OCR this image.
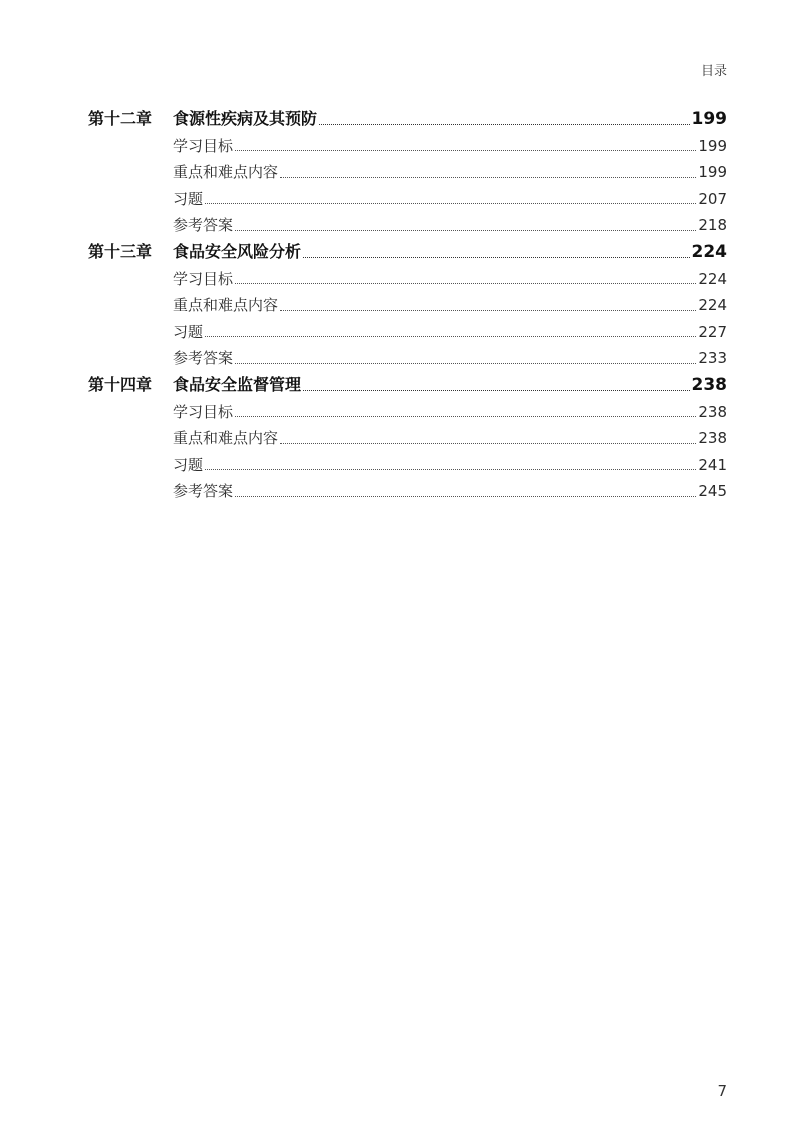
目录
第十二章	食源性疾病及其预防	199
学习目标	199
重点和难点内容	199
习题	207
参考答案	218
第十三章	食品安全风险分析	224
学习目标	224
重点和难点内容	224
习题	227
参考答案	233
第十四章	食品安全监督管理	238
学习目标	238
重点和难点内容	238
习题	241
参考答案	245
7
